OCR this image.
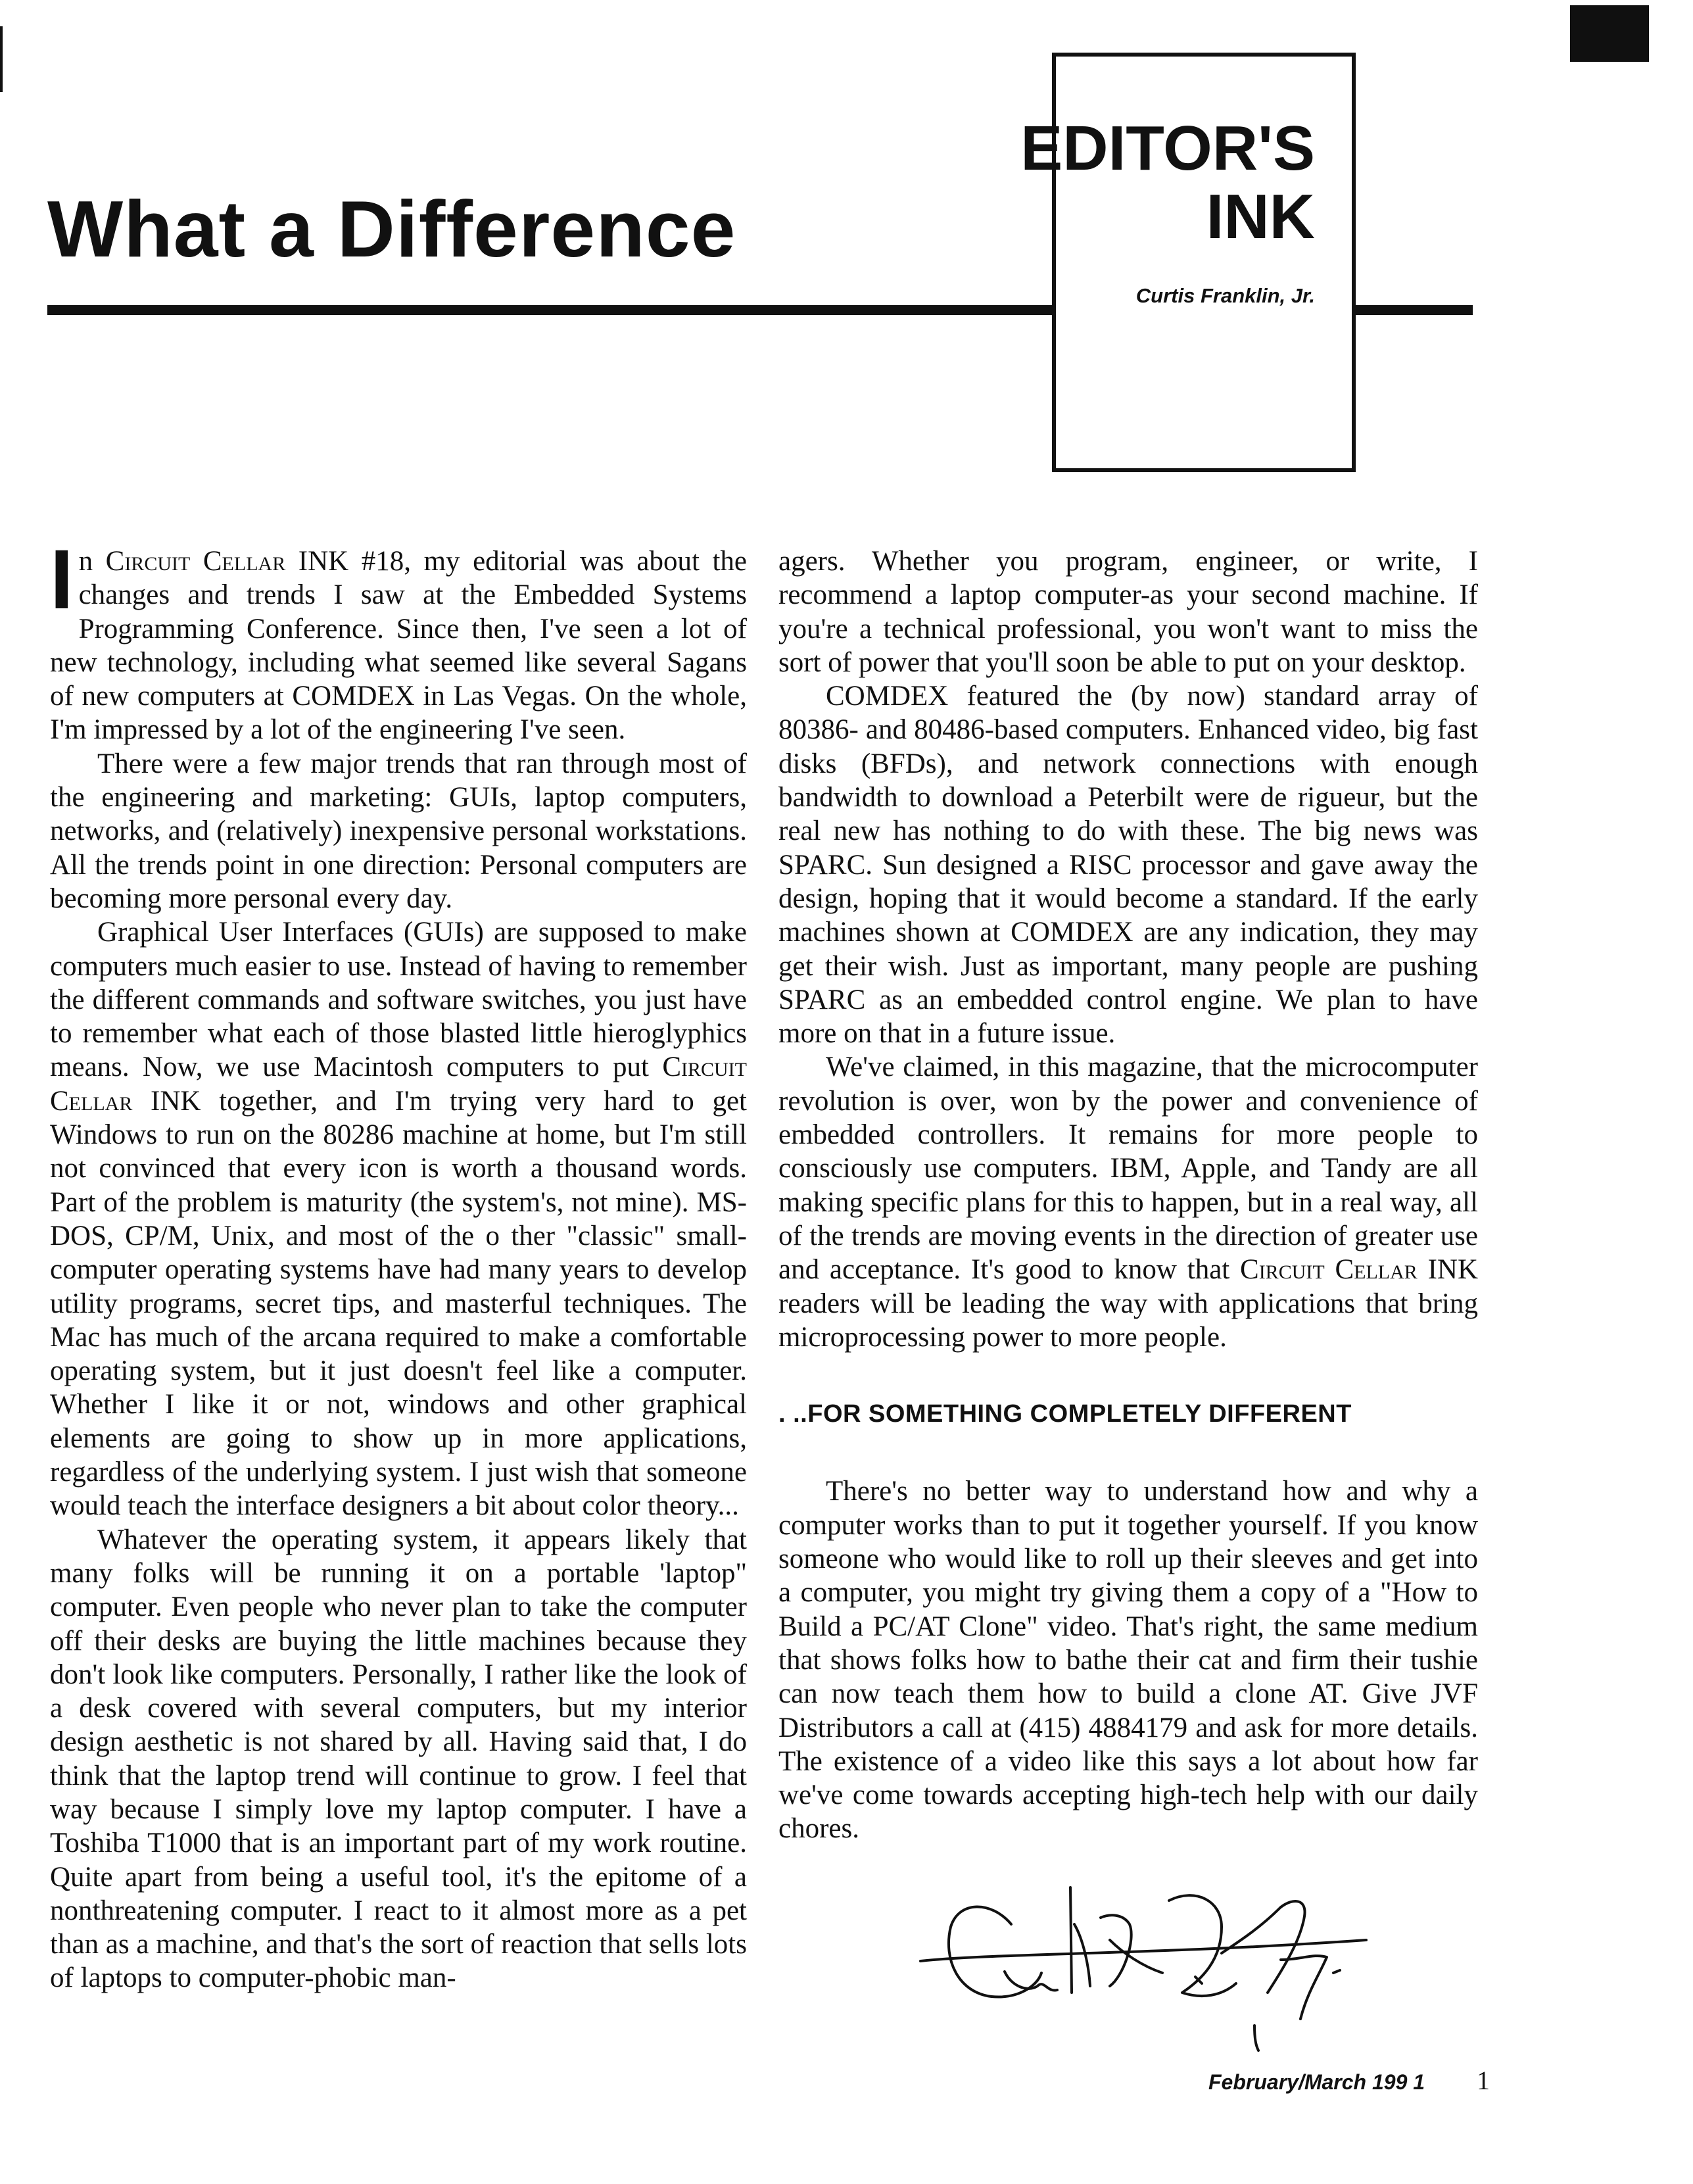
What a Difference
EDITOR'S
INK
Curtis Franklin, Jr.

In Circuit Cellar INK #18, my editorial was about the changes and trends I saw at the Embedded Systems Programming Conference. Since then, I've seen a lot of new technology, including what seemed like several Sagans of new computers at COMDEX in Las Vegas. On the whole, I'm impressed by a lot of the engineering I've seen.

There were a few major trends that ran through most of the engineering and marketing: GUIs, laptop computers, networks, and (relatively) inexpensive personal workstations. All the trends point in one direction: Personal computers are becoming more personal every day.

Graphical User Interfaces (GUIs) are supposed to make computers much easier to use. Instead of having to remember the different commands and software switches, you just have to remember what each of those blasted little hieroglyphics means. Now, we use Macintosh computers to put Circuit Cellar INK together, and I'm trying very hard to get Windows to run on the 80286 machine at home, but I'm still not convinced that every icon is worth a thousand words. Part of the problem is maturity (the system's, not mine). MS-DOS, CP/M, Unix, and most of the o ther "classic" small-computer operating systems have had many years to develop utility programs, secret tips, and masterful techniques. The Mac has much of the arcana required to make a comfortable operating system, but it just doesn't feel like a computer. Whether I like it or not, windows and other graphical elements are going to show up in more applications, regardless of the underlying system. I just wish that someone would teach the interface designers a bit about color theory...

Whatever the operating system, it appears likely that many folks will be running it on a portable 'laptop" computer. Even people who never plan to take the computer off their desks are buying the little machines because they don't look like computers. Personally, I rather like the look of a desk covered with several computers, but my interior design aesthetic is not shared by all. Having said that, I do think that the laptop trend will continue to grow. I feel that way because I simply love my laptop computer. I have a Toshiba T1000 that is an important part of my work routine. Quite apart from being a useful tool, it's the epitome of a nonthreatening computer. I react to it almost more as a pet than as a machine, and that's the sort of reaction that sells lots of laptops to computer-phobic man-

agers. Whether you program, engineer, or write, I recommend a laptop computer-as your second machine. If you're a technical professional, you won't want to miss the sort of power that you'll soon be able to put on your desktop.

COMDEX featured the (by now) standard array of 80386- and 80486-based computers. Enhanced video, big fast disks (BFDs), and network connections with enough bandwidth to download a Peterbilt were de rigueur, but the real new has nothing to do with these. The big news was SPARC. Sun designed a RISC processor and gave away the design, hoping that it would become a standard. If the early machines shown at COMDEX are any indication, they may get their wish. Just as important, many people are pushing SPARC as an embedded control engine. We plan to have more on that in a future issue.

We've claimed, in this magazine, that the microcomputer revolution is over, won by the power and convenience of embedded controllers. It remains for more people to consciously use computers. IBM, Apple, and Tandy are all making specific plans for this to happen, but in a real way, all of the trends are moving events in the direction of greater use and acceptance. It's good to know that Circuit Cellar INK readers will be leading the way with applications that bring microprocessing power to more people.

. ..FOR SOMETHING COMPLETELY DIFFERENT

There's no better way to understand how and why a computer works than to put it together yourself. If you know someone who would like to roll up their sleeves and get into a computer, you might try giving them a copy of a "How to Build a PC/AT Clone" video. That's right, the same medium that shows folks how to bathe their cat and firm their tushie can now teach them how to build a clone AT. Give JVF Distributors a call at (415) 4884179 and ask for more details. The existence of a video like this says a lot about how far we've come towards accepting high-tech help with our daily chores.

February/March 199 1 1
